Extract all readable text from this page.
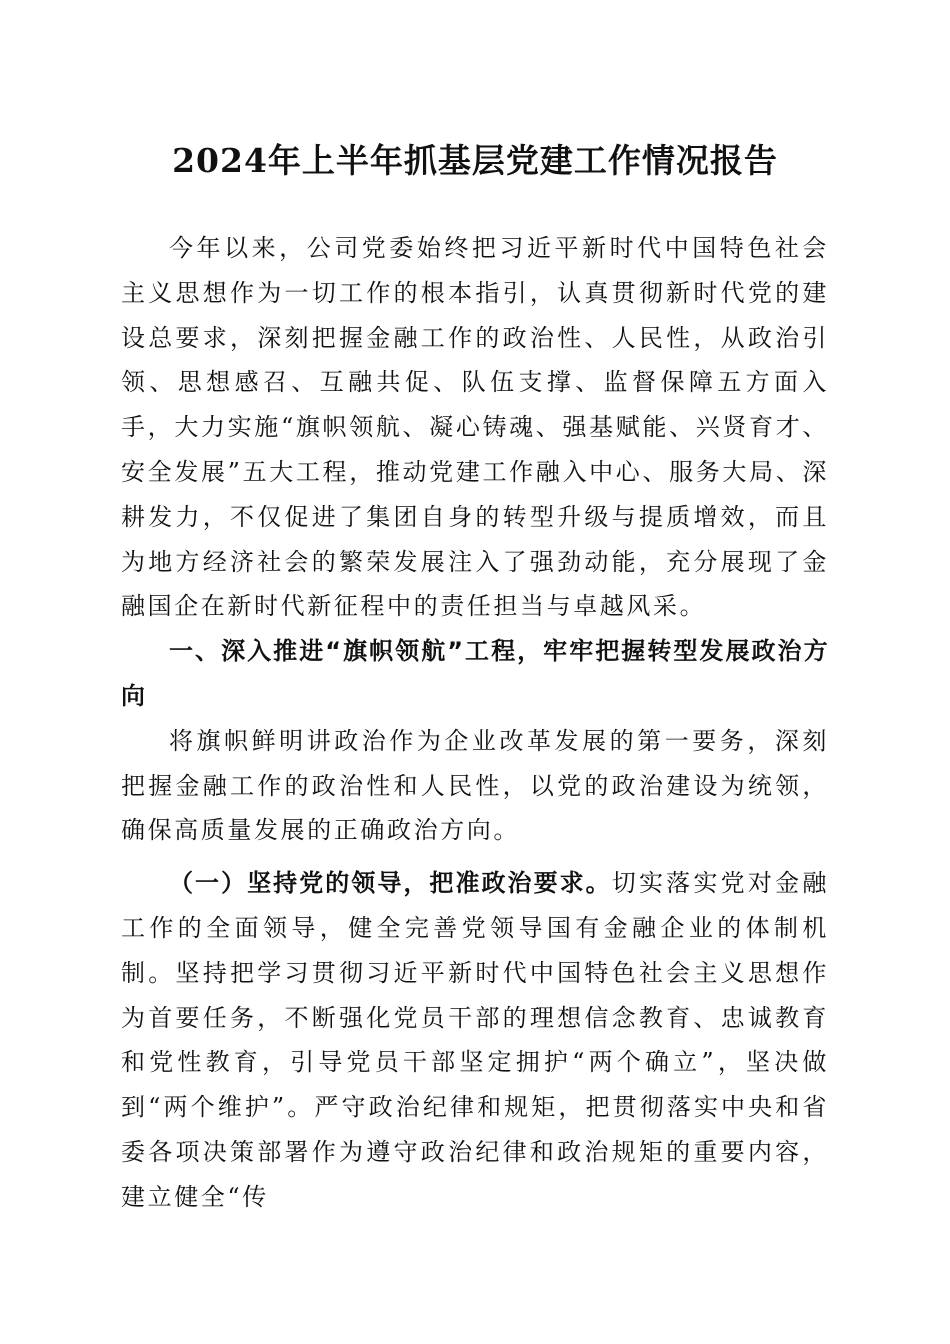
2024年上半年抓基层党建工作情况报告

今年以来，公司党委始终把习近平新时代中国特色社会主义思想作为一切工作的根本指引，认真贯彻新时代党的建设总要求，深刻把握金融工作的政治性、人民性，从政治引领、思想感召、互融共促、队伍支撑、监督保障五方面入手，大力实施“旗帜领航、凝心铸魂、强基赋能、兴贤育才、安全发展”五大工程，推动党建工作融入中心、服务大局、深耕发力，不仅促进了集团自身的转型升级与提质增效，而且为地方经济社会的繁荣发展注入了强劲动能，充分展现了金融国企在新时代新征程中的责任担当与卓越风采。

一、深入推进“旗帜领航”工程，牢牢把握转型发展政治方向

将旗帜鲜明讲政治作为企业改革发展的第一要务，深刻把握金融工作的政治性和人民性，以党的政治建设为统领，确保高质量发展的正确政治方向。

（一）坚持党的领导，把准政治要求。切实落实党对金融工作的全面领导，健全完善党领导国有金融企业的体制机制。坚持把学习贯彻习近平新时代中国特色社会主义思想作为首要任务，不断强化党员干部的理想信念教育、忠诚教育和党性教育，引导党员干部坚定拥护“两个确立”，坚决做到“两个维护”。严守政治纪律和规矩，把贯彻落实中央和省委各项决策部署作为遵守政治纪律和政治规矩的重要内容，建立健全“传
